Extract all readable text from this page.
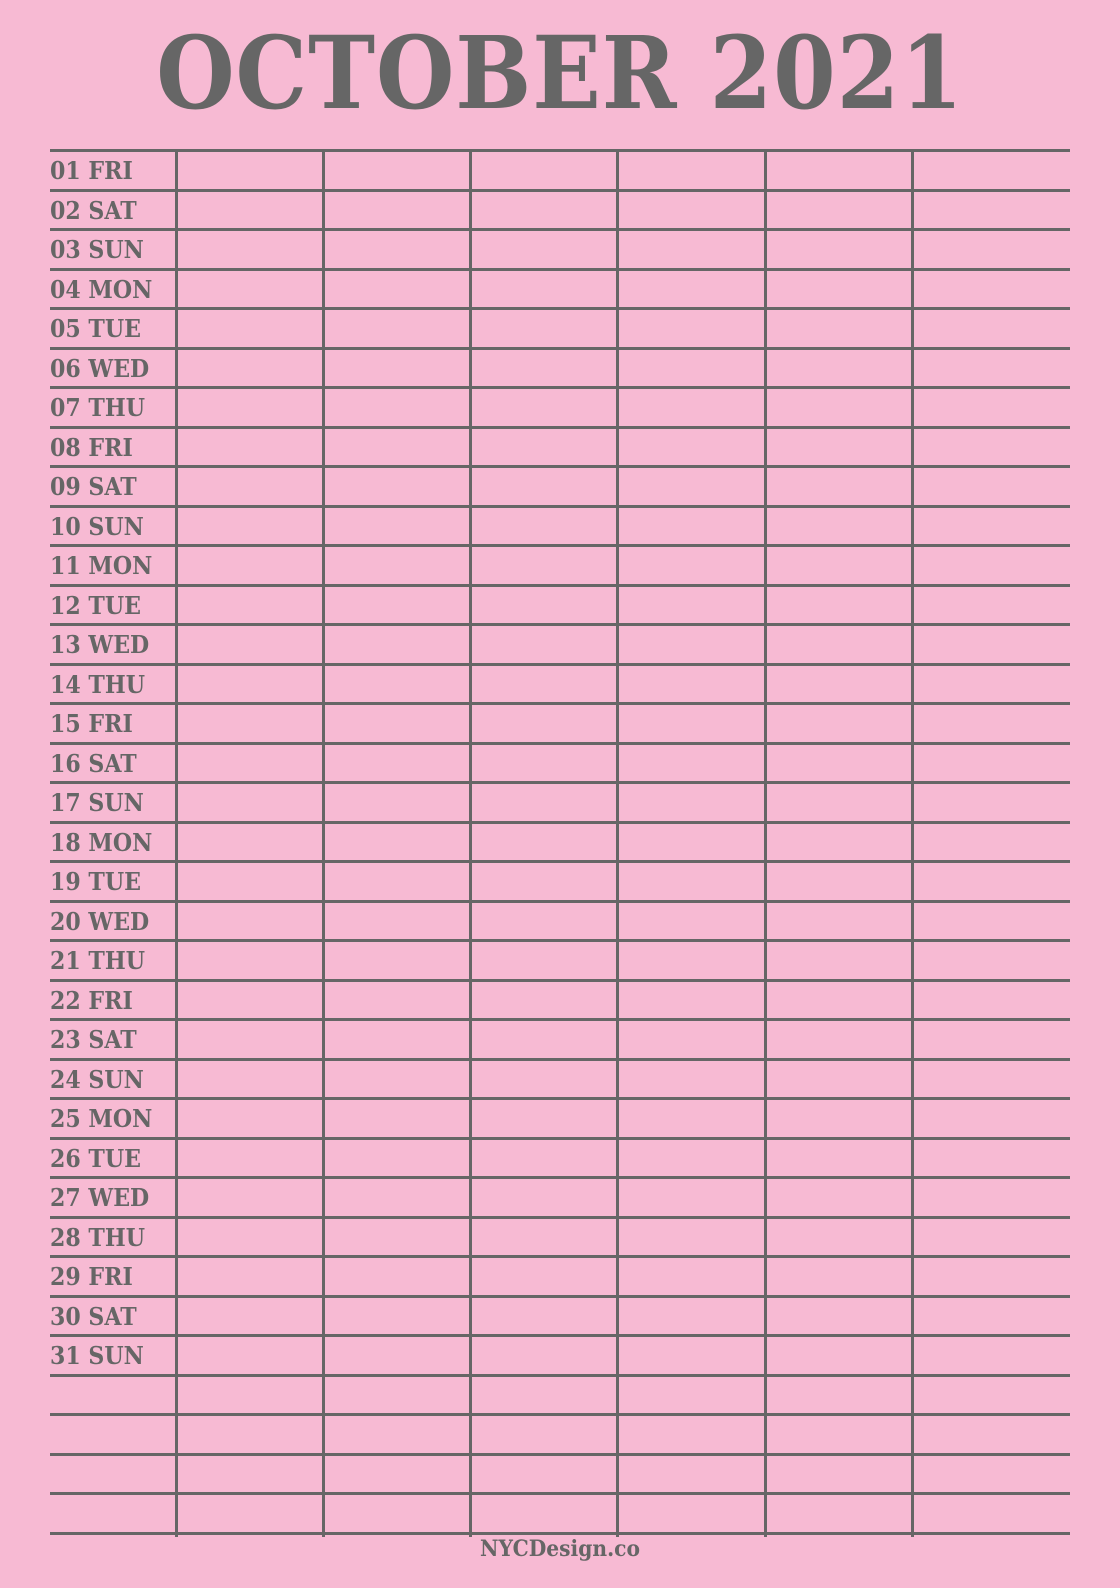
OCTOBER 2021
01 FRI
02 SAT
03 SUN
04 MON
05 TUE
06 WED
07 THU
08 FRI
09 SAT
10 SUN
11 MON
12 TUE
13 WED
14 THU
15 FRI
16 SAT
17 SUN
18 MON
19 TUE
20 WED
21 THU
22 FRI
23 SAT
24 SUN
25 MON
26 TUE
27 WED
28 THU
29 FRI
30 SAT
31 SUN
NYCDesign.co
